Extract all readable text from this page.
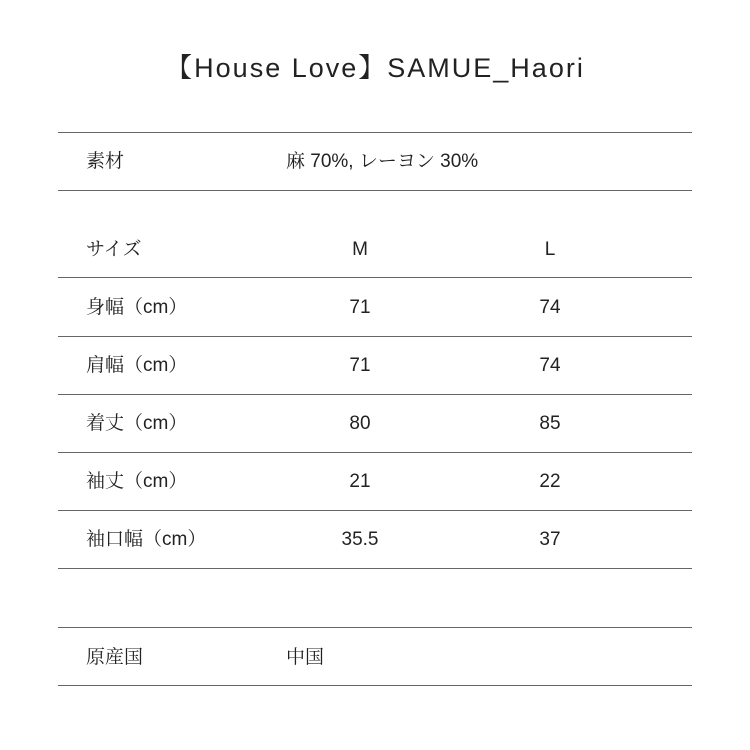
【House Love】SAMUE_Haori
素材	麻 70%, レーヨン 30%
サイズ	M	L
身幅（cm）	71	74
肩幅（cm）	71	74
着丈（cm）	80	85
袖丈（cm）	21	22
袖口幅（cm）	35.5	37
原産国	中国
